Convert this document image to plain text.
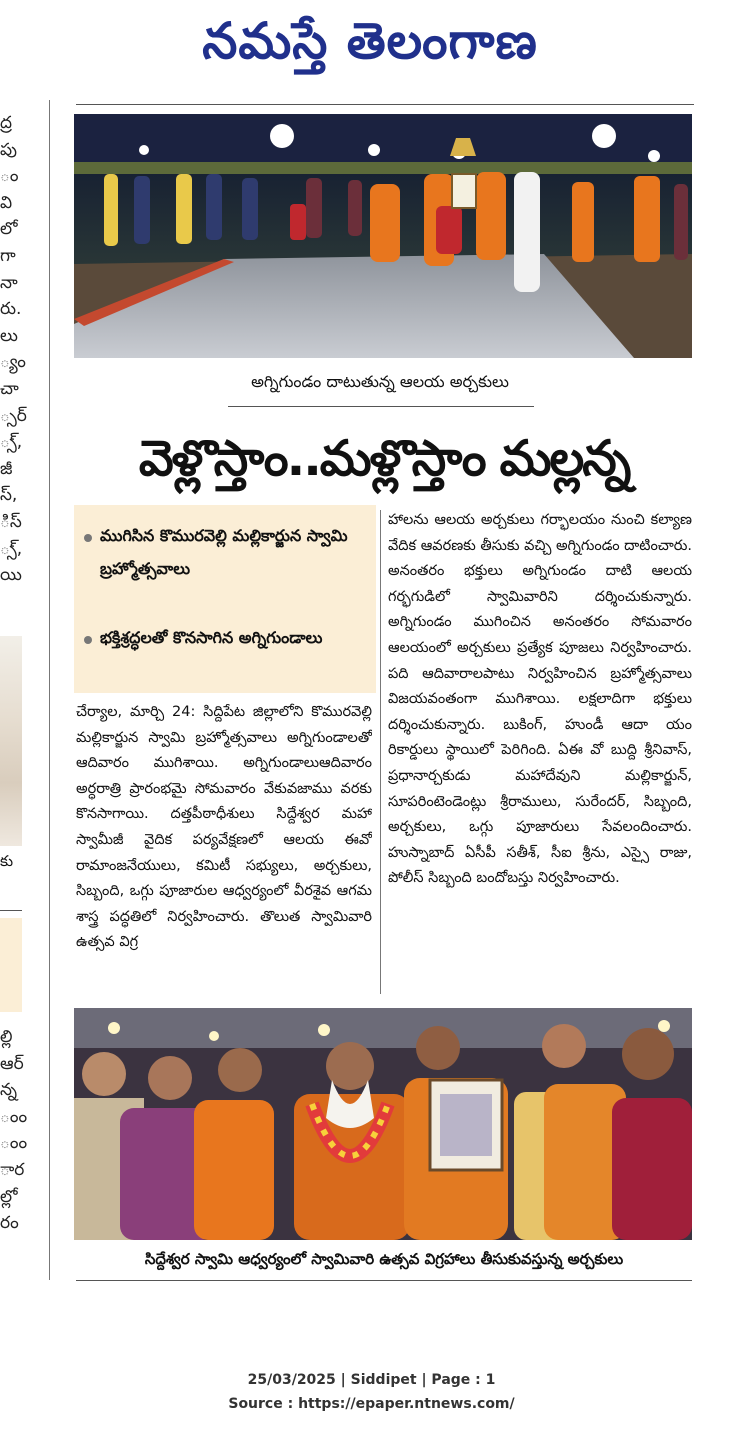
నమస్తే తెలంగాణ
ద్ర
పు
ం
వి
లో
గా
నా
రు.
లు
్యం
చా
్సర్
్స్,
జీ
స్,
ిస్
్స్,
యి
కు
ల్లి
ఆర్
న్న
ంం
ంం
ార
ల్లో
రం
అగ్నిగుండం దాటుతున్న ఆలయ అర్చకులు
వెళ్లొస్తాం..మళ్లొస్తాం మల్లన్న
ముగిసిన కొమురవెల్లి మల్లికార్జున స్వామి బ్రహ్మోత్సవాలు
భక్తిశ్రద్ధలతో కొనసాగిన అగ్నిగుండాలు

చేర్యాల, మార్చి 24: సిద్దిపేట జిల్లాలోని కొమురవెల్లి మల్లికార్జున స్వామి బ్రహ్మోత్సవాలు అగ్నిగుండాలతో ఆదివారం ముగిశాయి. అగ్నిగుండాలుఆదివారం అర్ధరాత్రి ప్రారంభమై సోమవారం వేకువజాము వరకు కొనసాగాయి. దత్తపీఠాధీశులు సిద్దేశ్వర మహా స్వామీజీ వైదిక పర్యవేక్షణలో ఆలయ ఈవో రామాంజనేయులు, కమిటీ సభ్యులు, అర్చకులు, సిబ్బంది, ఒగ్గు పూజారుల ఆధ్వర్యంలో వీరశైవ ఆగమ శాస్త్ర పద్ధతిలో నిర్వహించారు. తొలుత స్వామివారి ఉత్సవ విగ్ర

హాలను ఆలయ అర్చకులు గర్భాలయం నుంచి కల్యాణ వేదిక ఆవరణకు తీసుకు వచ్చి అగ్నిగుండం దాటించారు. అనంతరం భక్తులు అగ్నిగుండం దాటి ఆలయ గర్భగుడిలో స్వామివారిని దర్శించుకున్నారు. అగ్నిగుండం ముగించిన అనంతరం సోమవారం ఆలయంలో అర్చకులు ప్రత్యేక పూజలు నిర్వహించారు. పది ఆదివారాలపాటు నిర్వహించిన బ్రహ్మోత్సవాలు విజయవంతంగా ముగిశాయి. లక్షలాదిగా భక్తులు దర్శించుకున్నారు. బుకింగ్, హుండీ ఆదా యం రికార్డులు స్థాయిలో పెరిగింది. ఏఈ వో బుద్ది శ్రీనివాస్, ప్రధానార్చకుడు మహాదేవుని మల్లికార్జున్, సూపరింటెండెంట్లు శ్రీరాములు, సురేందర్, సిబ్బంది, అర్చకులు, ఒగ్గు పూజారులు సేవలందించారు. హుస్నాబాద్ ఏసీపీ సతీశ్, సీఐ శ్రీను, ఎస్సై రాజు, పోలీస్ సిబ్బంది బందోబస్తు నిర్వహించారు.

సిద్దేశ్వర స్వామి ఆధ్వర్యంలో స్వామివారి ఉత్సవ విగ్రహాలు తీసుకువస్తున్న అర్చకులు
25/03/2025 | Siddipet | Page : 1
Source : https://epaper.ntnews.com/
